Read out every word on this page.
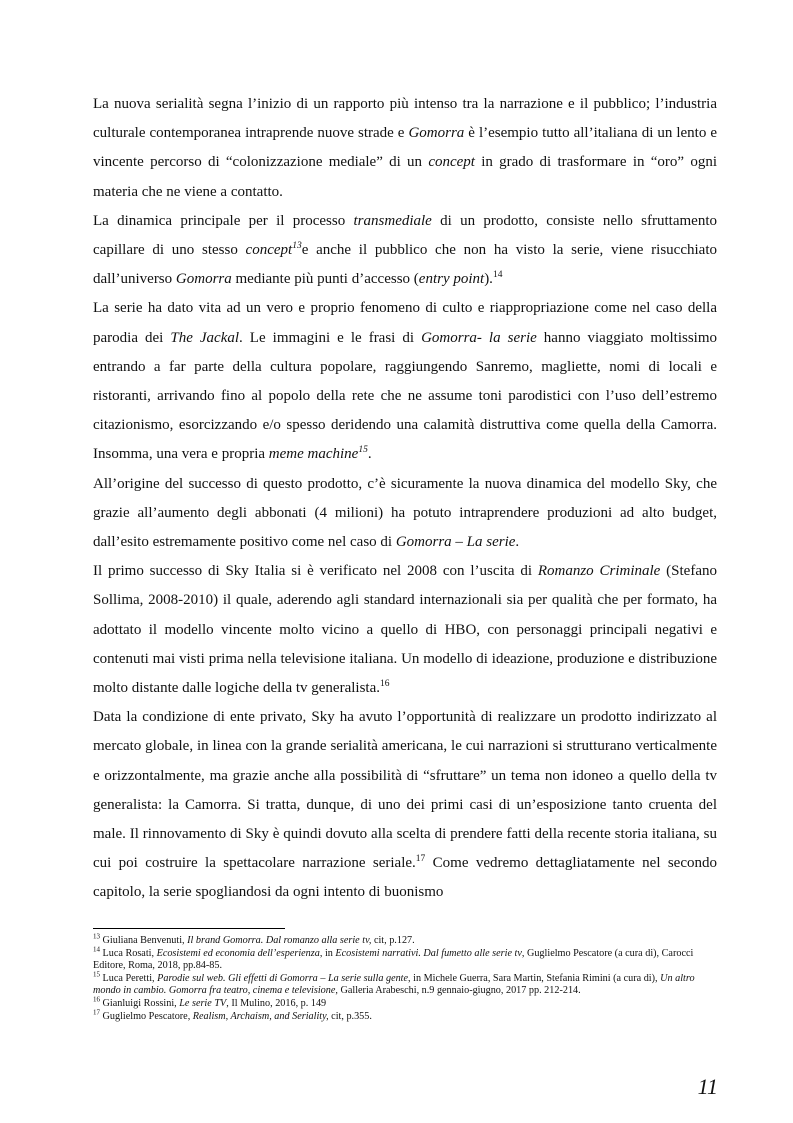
La nuova serialità segna l’inizio di un rapporto più intenso tra la narrazione e il pubblico; l’industria culturale contemporanea intraprende nuove strade e Gomorra è l’esempio tutto all’italiana di un lento e vincente percorso di “colonizzazione mediale” di un concept in grado di trasformare in “oro” ogni materia che ne viene a contatto.

La dinamica principale per il processo transmediale di un prodotto, consiste nello sfruttamento capillare di uno stesso concept$^{13}$e anche il pubblico che non ha visto la serie, viene risucchiato dall’universo Gomorra mediante più punti d’accesso (entry point).$^{14}$

La serie ha dato vita ad un vero e proprio fenomeno di culto e riappropriazione come nel caso della parodia dei The Jackal. Le immagini e le frasi di Gomorra- la serie hanno viaggiato moltissimo entrando a far parte della cultura popolare, raggiungendo Sanremo, magliette, nomi di locali e ristoranti, arrivando fino al popolo della rete che ne assume toni parodistici con l’uso dell’estremo citazionismo, esorcizzando e/o spesso deridendo una calamità distruttiva come quella della Camorra. Insomma, una vera e propria meme machine$^{15}$.

All’origine del successo di questo prodotto, c’è sicuramente la nuova dinamica del modello Sky, che grazie all’aumento degli abbonati (4 milioni) ha potuto intraprendere produzioni ad alto budget, dall’esito estremamente positivo come nel caso di Gomorra – La serie.

Il primo successo di Sky Italia si è verificato nel 2008 con l’uscita di Romanzo Criminale (Stefano Sollima, 2008-2010) il quale, aderendo agli standard internazionali sia per qualità che per formato, ha adottato il modello vincente molto vicino a quello di HBO, con personaggi principali negativi e contenuti mai visti prima nella televisione italiana. Un modello di ideazione, produzione e distribuzione molto distante dalle logiche della tv generalista.$^{16}$

Data la condizione di ente privato, Sky ha avuto l’opportunità di realizzare un prodotto indirizzato al mercato globale, in linea con la grande serialità americana, le cui narrazioni si strutturano verticalmente e orizzontalmente, ma grazie anche alla possibilità di “sfruttare” un tema non idoneo a quello della tv generalista: la Camorra. Si tratta, dunque, di uno dei primi casi di un’esposizione tanto cruenta del male. Il rinnovamento di Sky è quindi dovuto alla scelta di prendere fatti della recente storia italiana, su cui poi costruire la spettacolare narrazione seriale.$^{17}$ Come vedremo dettagliatamente nel secondo capitolo, la serie spogliandosi da ogni intento di buonismo

$^{13}$ Giuliana Benvenuti, Il brand Gomorra. Dal romanzo alla serie tv, cit, p.127.

$^{14}$ Luca Rosati, Ecosistemi ed economia dell’esperienza, in Ecosistemi narrativi. Dal fumetto alle serie tv, Guglielmo Pescatore (a cura di), Carocci Editore, Roma, 2018, pp.84-85.

$^{15}$ Luca Peretti, Parodie sul web. Gli effetti di Gomorra – La serie sulla gente, in Michele Guerra, Sara Martin, Stefania Rimini (a cura di), Un altro mondo in cambio. Gomorra fra teatro, cinema e televisione, Galleria Arabeschi, n.9 gennaio-giugno, 2017 pp. 212-214.

$^{16}$ Gianluigi Rossini, Le serie TV, Il Mulino, 2016, p. 149

$^{17}$ Guglielmo Pescatore, Realism, Archaism, and Seriality, cit, p.355.

11
